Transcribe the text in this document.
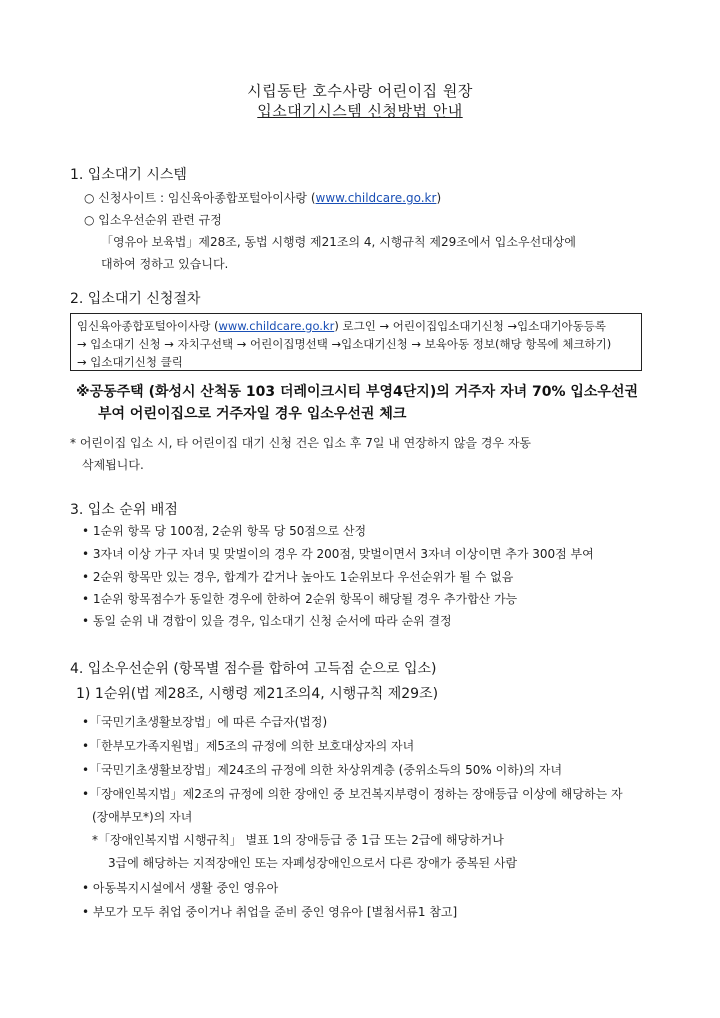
시립동탄 호수사랑 어린이집 원장
입소대기시스템 신청방법 안내
1. 입소대기 시스템
○ 신청사이트 : 임신육아종합포털아이사랑 (www.childcare.go.kr)
○ 입소우선순위 관련 규정
「영유아 보육법」제28조, 동법 시행령 제21조의 4, 시행규칙 제29조에서 입소우선대상에
대하여 정하고 있습니다.
2. 입소대기 신청절차
임신육아종합포털아이사랑 (www.childcare.go.kr) 로그인 → 어린이집입소대기신청 →입소대기아동등록
→ 입소대기 신청 → 자치구선택 → 어린이집명선택 →입소대기신청 → 보육아동 정보(해당 항목에 체크하기)
→ 입소대기신청 클릭
※공동주택 (화성시 산척동 103 더레이크시티 부영4단지)의 거주자 자녀 70% 입소우선권
부여 어린이집으로 거주자일 경우 입소우선권 체크
* 어린이집 입소 시, 타 어린이집 대기 신청 건은 입소 후 7일 내 연장하지 않을 경우 자동
삭제됩니다.
3. 입소 순위 배점
• 1순위 항목 당 100점, 2순위 항목 당 50점으로 산정
• 3자녀 이상 가구 자녀 및 맞벌이의 경우 각 200점, 맞벌이면서 3자녀 이상이면 추가 300점 부여
• 2순위 항목만 있는 경우, 합계가 같거나 높아도 1순위보다 우선순위가 될 수 없음
• 1순위 항목점수가 동일한 경우에 한하여 2순위 항목이 해당될 경우 추가합산 가능
• 동일 순위 내 경합이 있을 경우, 입소대기 신청 순서에 따라 순위 결정
4. 입소우선순위 (항목별 점수를 합하여 고득점 순으로 입소)
1) 1순위(법 제28조, 시행령 제21조의4, 시행규칙 제29조)
•「국민기초생활보장법」에 따른 수급자(법정)
•「한부모가족지원법」제5조의 규정에 의한 보호대상자의 자녀
•「국민기초생활보장법」제24조의 규정에 의한 차상위계층 (중위소득의 50% 이하)의 자녀
•「장애인복지법」제2조의 규정에 의한 장애인 중 보건복지부령이 정하는 장애등급 이상에 해당하는 자
(장애부모*)의 자녀
*「장애인복지법 시행규칙」 별표 1의 장애등급 중 1급 또는 2급에 해당하거나
3급에 해당하는 지적장애인 또는 자폐성장애인으로서 다른 장애가 중복된 사람
• 아동복지시설에서 생활 중인 영유아
• 부모가 모두 취업 중이거나 취업을 준비 중인 영유아 [별첨서류1 참고]
